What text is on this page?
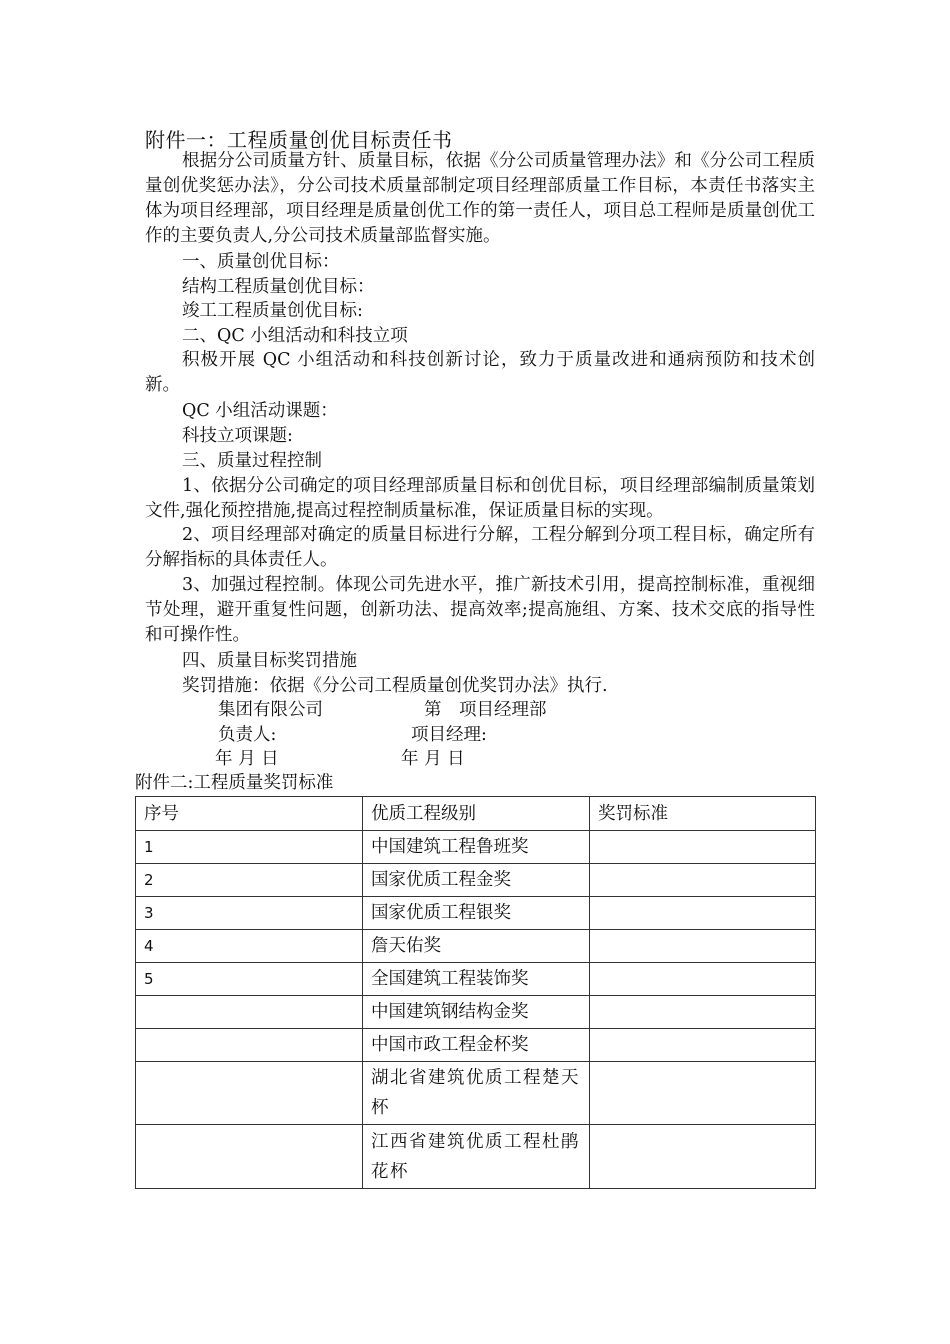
附件一：工程质量创优目标责任书
根据分公司质量方针、质量目标，依据《分公司质量管理办法》和《分公司工程质量创优奖惩办法》，分公司技术质量部制定项目经理部质量工作目标，本责任书落实主体为项目经理部，项目经理是质量创优工作的第一责任人，项目总工程师是质量创优工作的主要负责人,分公司技术质量部监督实施。
一、质量创优目标：
结构工程质量创优目标：
竣工工程质量创优目标:
二、QC 小组活动和科技立项
积极开展 QC 小组活动和科技创新讨论，致力于质量改进和通病预防和技术创新。
QC 小组活动课题：
科技立项课题:
三、质量过程控制
1、依据分公司确定的项目经理部质量目标和创优目标，项目经理部编制质量策划文件,强化预控措施,提高过程控制质量标准，保证质量目标的实现。
2、项目经理部对确定的质量目标进行分解，工程分解到分项工程目标，确定所有分解指标的具体责任人。
3、加强过程控制。体现公司先进水平，推广新技术引用，提高控制标准，重视细节处理，避开重复性问题，创新功法、提高效率;提高施组、方案、技术交底的指导性和可操作性。
四、质量目标奖罚措施
奖罚措施：依据《分公司工程质量创优奖罚办法》执行.
集团有限公司	第　项目经理部
负责人:	项目经理:
年 月 日	年 月 日
附件二:工程质量奖罚标准
序号	优质工程级别	奖罚标准
1	中国建筑工程鲁班奖	
2	国家优质工程金奖	
3	国家优质工程银奖	
4	詹天佑奖	
5	全国建筑工程装饰奖	
	中国建筑钢结构金奖	
	中国市政工程金杯奖	
	湖北省建筑优质工程楚天杯	
	江西省建筑优质工程杜鹃花杯	
